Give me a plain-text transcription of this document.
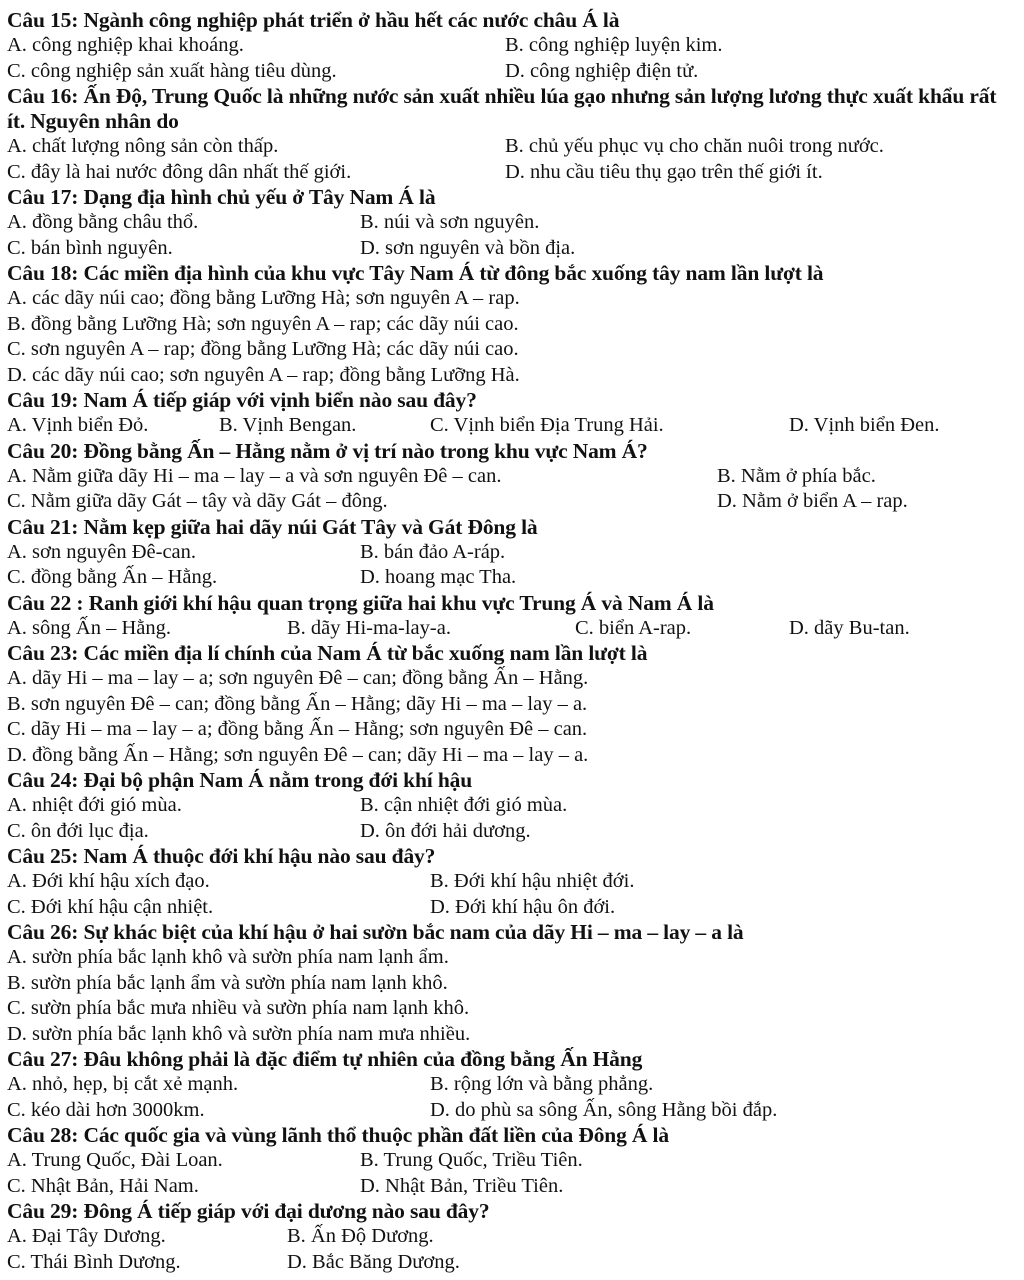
Câu 15: Ngành công nghiệp phát triển ở hầu hết các nước châu Á là
A. công nghiệp khai khoáng.	B. công nghiệp luyện kim.
C. công nghiệp sản xuất hàng tiêu dùng.	D. công nghiệp điện tử.
Câu 16: Ấn Độ, Trung Quốc là những nước sản xuất nhiều lúa gạo nhưng sản lượng lương thực xuất khẩu rất ít. Nguyên nhân do
A. chất lượng nông sản còn thấp.	B. chủ yếu phục vụ cho chăn nuôi trong nước.
C. đây là hai nước đông dân nhất thế giới.	D. nhu cầu tiêu thụ gạo trên thế giới ít.
Câu 17: Dạng địa hình chủ yếu ở Tây Nam Á là
A. đồng bằng châu thổ.	B. núi và sơn nguyên.
C. bán bình nguyên.	D. sơn nguyên và bồn địa.
Câu 18: Các miền địa hình của khu vực Tây Nam Á từ đông bắc xuống tây nam lần lượt là
A. các dãy núi cao; đồng bằng Lưỡng Hà; sơn nguyên A – rap.
B. đồng bằng Lưỡng Hà; sơn nguyên A – rap; các dãy núi cao.
C. sơn nguyên A – rap; đồng bằng Lưỡng Hà; các dãy núi cao.
D. các dãy núi cao; sơn nguyên A – rap; đồng bằng Lưỡng Hà.
Câu 19: Nam Á tiếp giáp với vịnh biển nào sau đây?
A. Vịnh biển Đỏ.	B. Vịnh Bengan.	C. Vịnh biển Địa Trung Hải.	D. Vịnh biển Đen.
Câu 20: Đồng bằng Ấn – Hằng nằm ở vị trí nào trong khu vực Nam Á?
A. Nằm giữa dãy Hi – ma – lay – a và sơn nguyên Đê – can.	B. Nằm ở phía bắc.
C. Nằm giữa dãy Gát – tây và dãy Gát – đông.	D. Nằm ở biển A – rap.
Câu 21: Nằm kẹp giữa hai dãy núi Gát Tây và Gát Đông là
A. sơn nguyên Đê-can.	B. bán đảo A-ráp.
C. đồng bằng Ấn – Hằng.	D. hoang mạc Tha.
Câu 22 : Ranh giới khí hậu quan trọng giữa hai khu vực Trung Á và Nam Á là
A. sông Ấn – Hằng.	B. dãy Hi-ma-lay-a.	C. biển A-rap.	D. dãy Bu-tan.
Câu 23: Các miền địa lí chính của Nam Á từ bắc xuống nam lần lượt là
A. dãy Hi – ma – lay – a; sơn nguyên Đê – can; đồng bằng Ấn – Hằng.
B. sơn nguyên Đê – can; đồng bằng Ấn – Hằng; dãy Hi – ma – lay – a.
C. dãy Hi – ma – lay – a; đồng bằng Ấn – Hằng; sơn nguyên Đê – can.
D. đồng bằng Ấn – Hằng; sơn nguyên Đê – can; dãy Hi – ma – lay – a.
Câu 24: Đại bộ phận Nam Á nằm trong đới khí hậu
A. nhiệt đới gió mùa.	B. cận nhiệt đới gió mùa.
C. ôn đới lục địa.	D. ôn đới hải dương.
Câu 25: Nam Á thuộc đới khí hậu nào sau đây?
A. Đới khí hậu xích đạo.	B. Đới khí hậu nhiệt đới.
C. Đới khí hậu cận nhiệt.	D. Đới khí hậu ôn đới.
Câu 26: Sự khác biệt của khí hậu ở hai sườn bắc nam của dãy Hi – ma – lay – a là
A. sườn phía bắc lạnh khô và sườn phía nam lạnh ẩm.
B. sườn phía bắc lạnh ẩm và sườn phía nam lạnh khô.
C. sườn phía bắc mưa nhiều và sườn phía nam lạnh khô.
D. sườn phía bắc lạnh khô và sườn phía nam mưa nhiều.
Câu 27: Đâu không phải là đặc điểm tự nhiên của đồng bằng Ấn Hằng
A. nhỏ, hẹp, bị cắt xẻ mạnh.	B. rộng lớn và bằng phẳng.
C. kéo dài hơn 3000km.	D. do phù sa sông Ấn, sông Hằng bồi đắp.
Câu 28: Các quốc gia và vùng lãnh thổ thuộc phần đất liền của Đông Á là
A. Trung Quốc, Đài Loan.	B. Trung Quốc, Triều Tiên.
C. Nhật Bản, Hải Nam.	D. Nhật Bản, Triều Tiên.
Câu 29: Đông Á tiếp giáp với đại dương nào sau đây?
A. Đại Tây Dương.	B. Ấn Độ Dương.
C. Thái Bình Dương.	D. Bắc Băng Dương.
